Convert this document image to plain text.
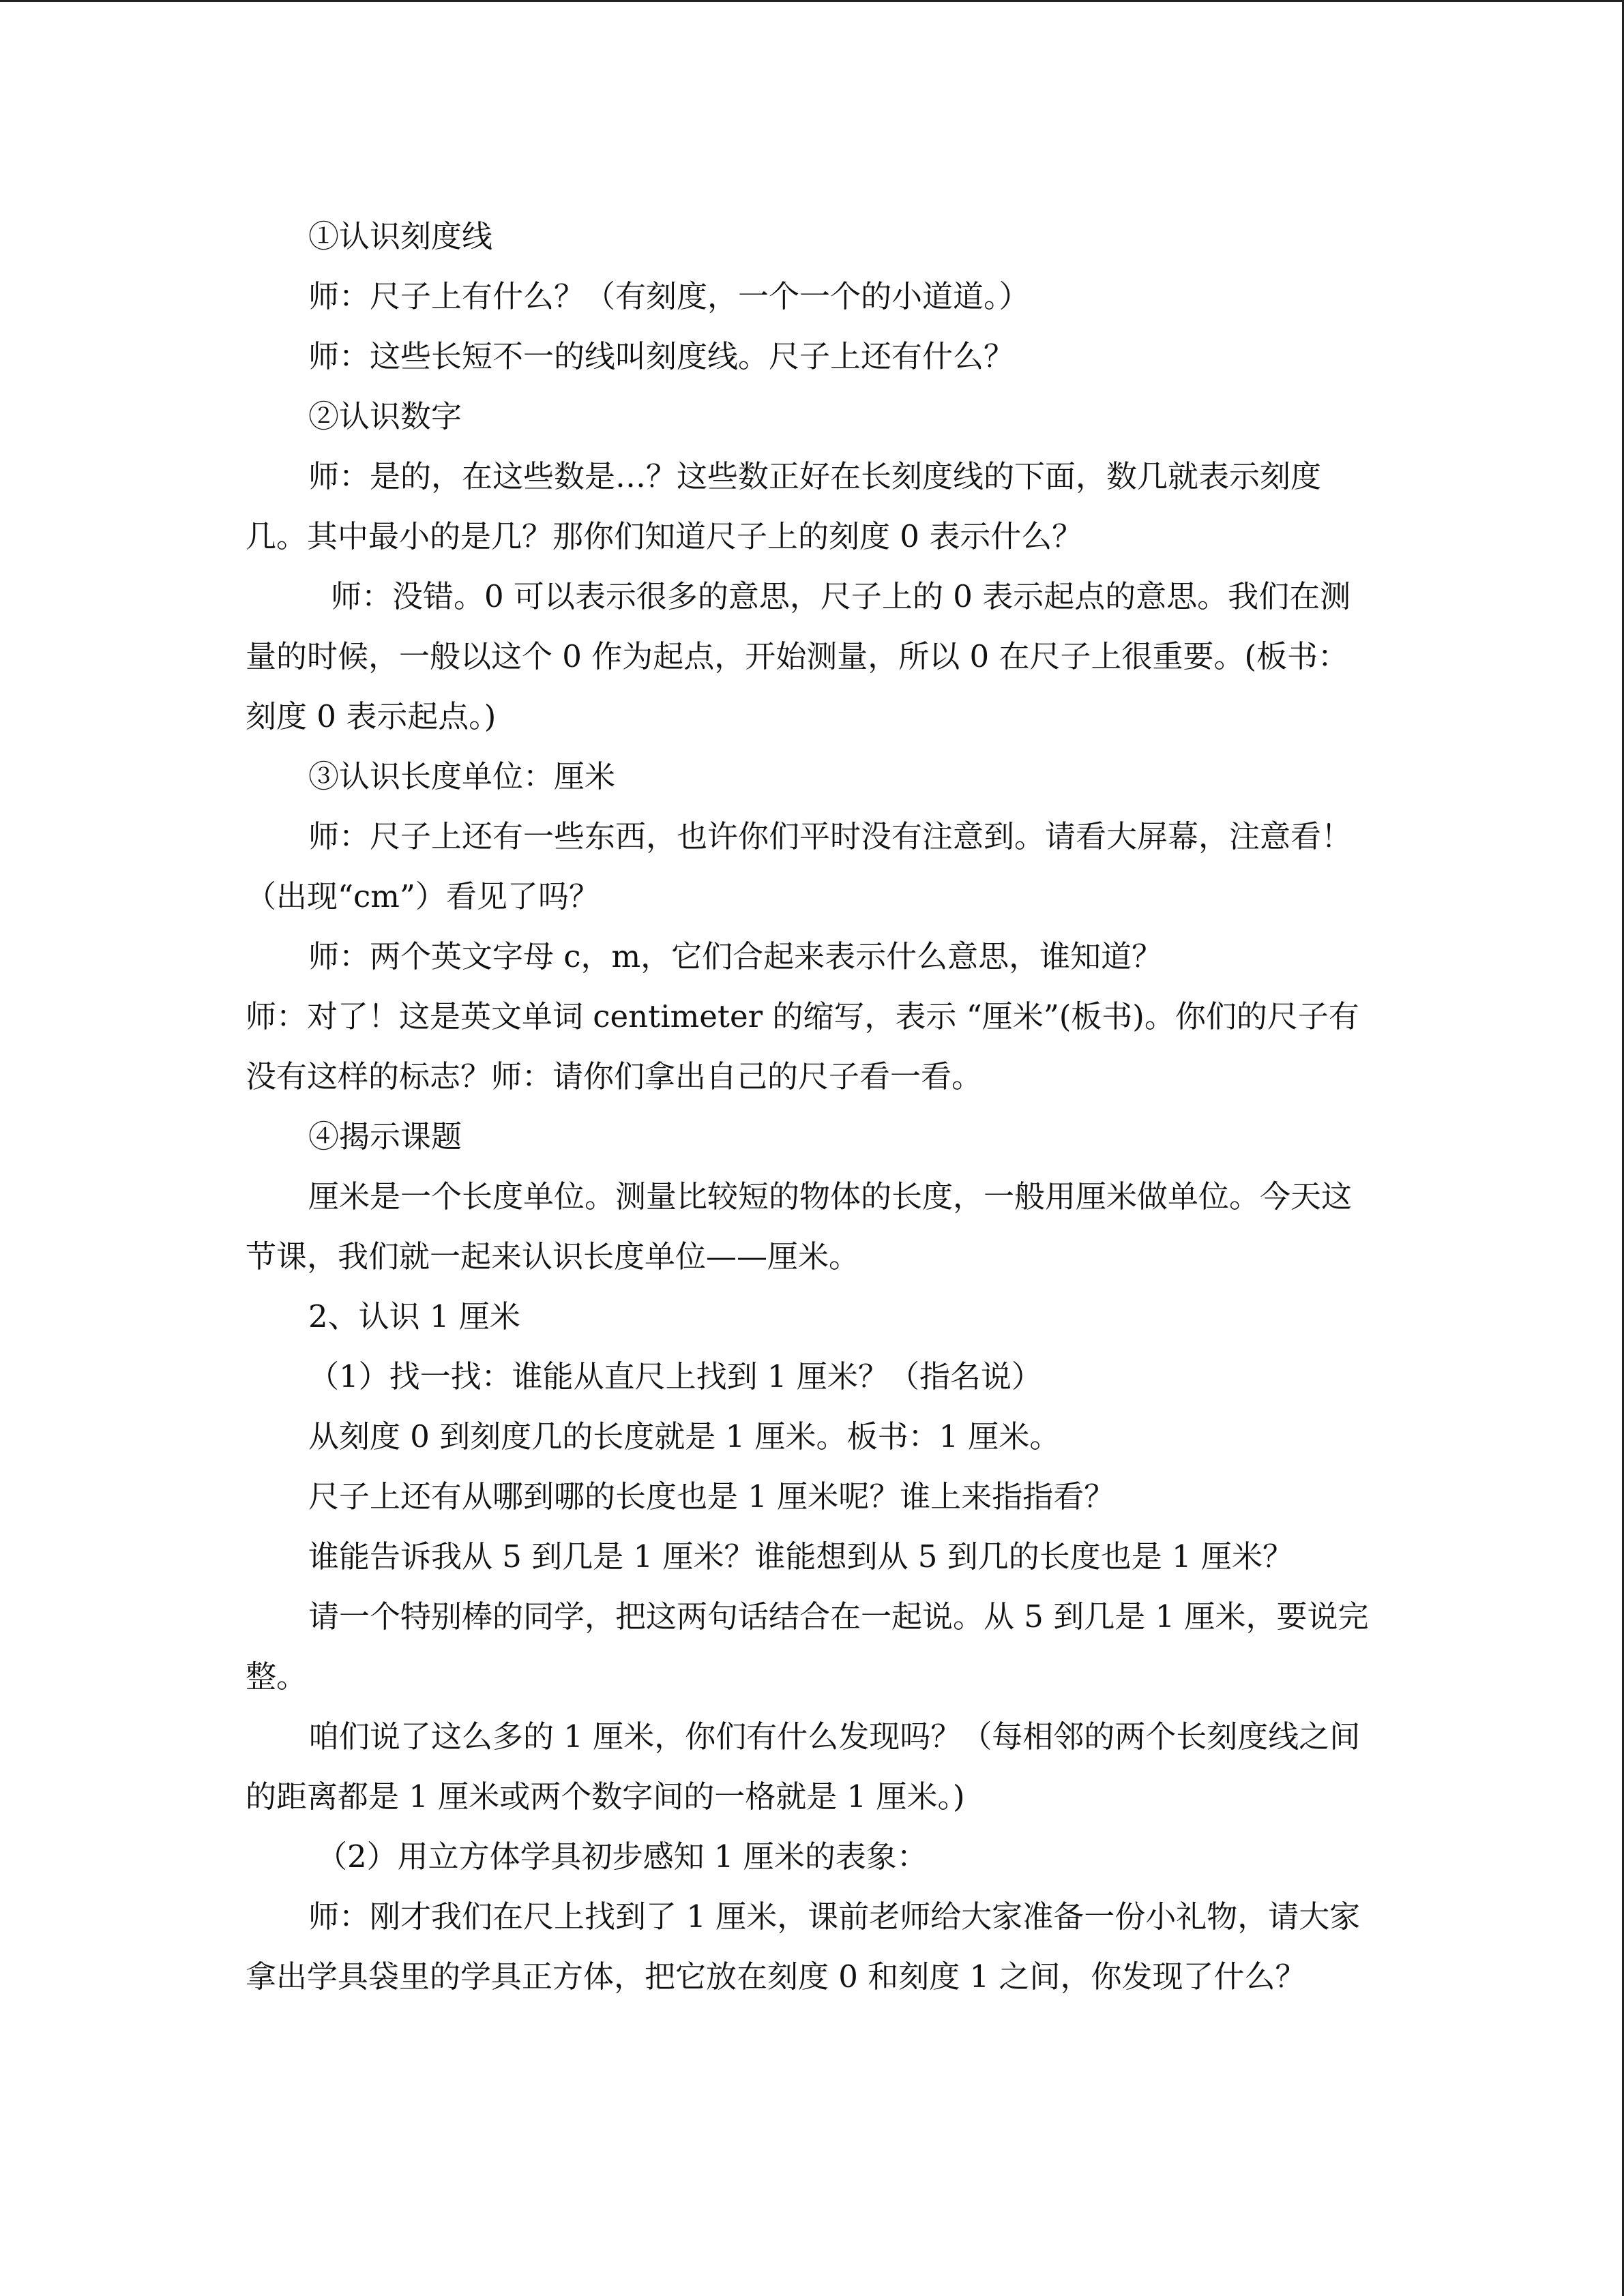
①认识刻度线

师：尺子上有什么？（有刻度，一个一个的小道道。）

师：这些长短不一的线叫刻度线。尺子上还有什么？

②认识数字

师：是的，在这些数是…？这些数正好在长刻度线的下面，数几就表示刻度几。其中最小的是几？那你们知道尺子上的刻度 0 表示什么？

师：没错。0 可以表示很多的意思，尺子上的 0 表示起点的意思。我们在测量的时候，一般以这个 0 作为起点，开始测量，所以 0 在尺子上很重要。(板书：刻度 0 表示起点。)

③认识长度单位：厘米

师：尺子上还有一些东西，也许你们平时没有注意到。请看大屏幕，注意看！（出现“cm”）看见了吗？

师：两个英文字母 c，m，它们合起来表示什么意思，谁知道？

师：对了！这是英文单词 centimeter 的缩写，表示 “厘米”(板书)。你们的尺子有没有这样的标志？师：请你们拿出自己的尺子看一看。

④揭示课题

厘米是一个长度单位。测量比较短的物体的长度，一般用厘米做单位。今天这节课，我们就一起来认识长度单位——厘米。

2、认识 1 厘米

（1）找一找：谁能从直尺上找到 1 厘米？（指名说）

从刻度 0 到刻度几的长度就是 1 厘米。板书：1 厘米。

尺子上还有从哪到哪的长度也是 1 厘米呢？谁上来指指看？

谁能告诉我从 5 到几是 1 厘米？谁能想到从 5 到几的长度也是 1 厘米？

请一个特别棒的同学，把这两句话结合在一起说。从 5 到几是 1 厘米，要说完整。

咱们说了这么多的 1 厘米，你们有什么发现吗？（每相邻的两个长刻度线之间的距离都是 1 厘米或两个数字间的一格就是 1 厘米。)

（2）用立方体学具初步感知 1 厘米的表象：

师：刚才我们在尺上找到了 1 厘米，课前老师给大家准备一份小礼物，请大家拿出学具袋里的学具正方体，把它放在刻度 0 和刻度 1 之间，你发现了什么？
